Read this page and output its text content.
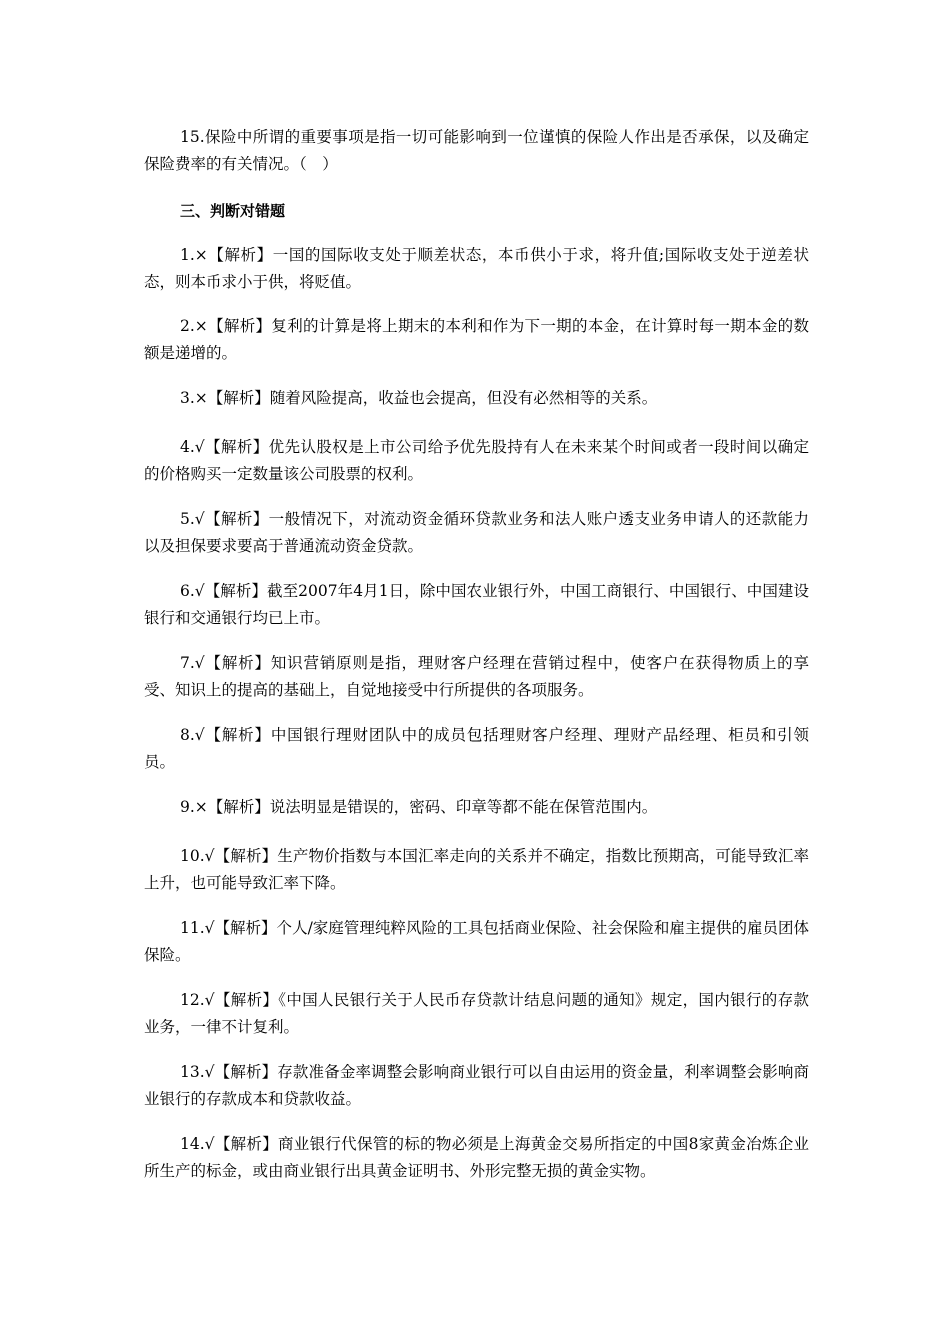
15.保险中所谓的重要事项是指一切可能影响到一位谨慎的保险人作出是否承保，以及确定保险费率的有关情况。（　）

三、判断对错题

1.×【解析】一国的国际收支处于顺差状态，本币供小于求，将升值;国际收支处于逆差状态，则本币求小于供，将贬值。

2.×【解析】复利的计算是将上期末的本利和作为下一期的本金，在计算时每一期本金的数额是递增的。

3.×【解析】随着风险提高，收益也会提高，但没有必然相等的关系。

4.√【解析】优先认股权是上市公司给予优先股持有人在未来某个时间或者一段时间以确定的价格购买一定数量该公司股票的权利。

5.√【解析】一般情况下，对流动资金循环贷款业务和法人账户透支业务申请人的还款能力以及担保要求要高于普通流动资金贷款。

6.√【解析】截至2007年4月1日，除中国农业银行外，中国工商银行、中国银行、中国建设银行和交通银行均已上市。

7.√【解析】知识营销原则是指，理财客户经理在营销过程中，使客户在获得物质上的享受、知识上的提高的基础上，自觉地接受中行所提供的各项服务。

8.√【解析】中国银行理财团队中的成员包括理财客户经理、理财产品经理、柜员和引领员。

9.×【解析】说法明显是错误的，密码、印章等都不能在保管范围内。

10.√【解析】生产物价指数与本国汇率走向的关系并不确定，指数比预期高，可能导致汇率上升，也可能导致汇率下降。

11.√【解析】个人/家庭管理纯粹风险的工具包括商业保险、社会保险和雇主提供的雇员团体保险。

12.√【解析】《中国人民银行关于人民币存贷款计结息问题的通知》规定，国内银行的存款业务，一律不计复利。

13.√【解析】存款准备金率调整会影响商业银行可以自由运用的资金量，利率调整会影响商业银行的存款成本和贷款收益。

14.√【解析】商业银行代保管的标的物必须是上海黄金交易所指定的中国8家黄金冶炼企业所生产的标金，或由商业银行出具黄金证明书、外形完整无损的黄金实物。
